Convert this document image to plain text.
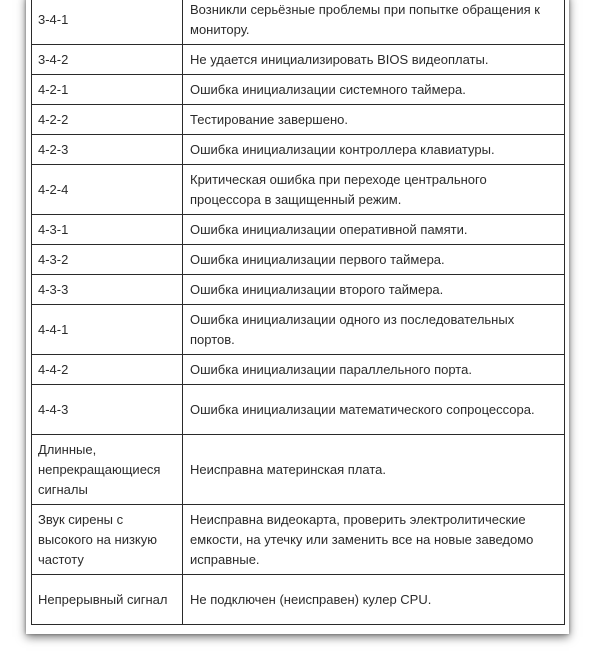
3-4-1	Возникли серьёзные проблемы при попытке обращения к монитору.
3-4-2	Не удается инициализировать BIOS видеоплаты.
4-2-1	Ошибка инициализации системного таймера.
4-2-2	Тестирование завершено.
4-2-3	Ошибка инициализации контроллера клавиатуры.
4-2-4	Критическая ошибка при переходе центрального процессора в защищенный режим.
4-3-1	Ошибка инициализации оперативной памяти.
4-3-2	Ошибка инициализации первого таймера.
4-3-3	Ошибка инициализации второго таймера.
4-4-1	Ошибка инициализации одного из последовательных портов.
4-4-2	Ошибка инициализации параллельного порта.
4-4-3	Ошибка инициализации математического сопроцессора.
Длинные, непрекращающиеся сигналы	Неисправна материнская плата.
Звук сирены с высокого на низкую частоту	Неисправна видеокарта, проверить электролитические емкости, на утечку или заменить все на новые заведомо исправные.
Непрерывный сигнал	Не подключен (неисправен) кулер CPU.
